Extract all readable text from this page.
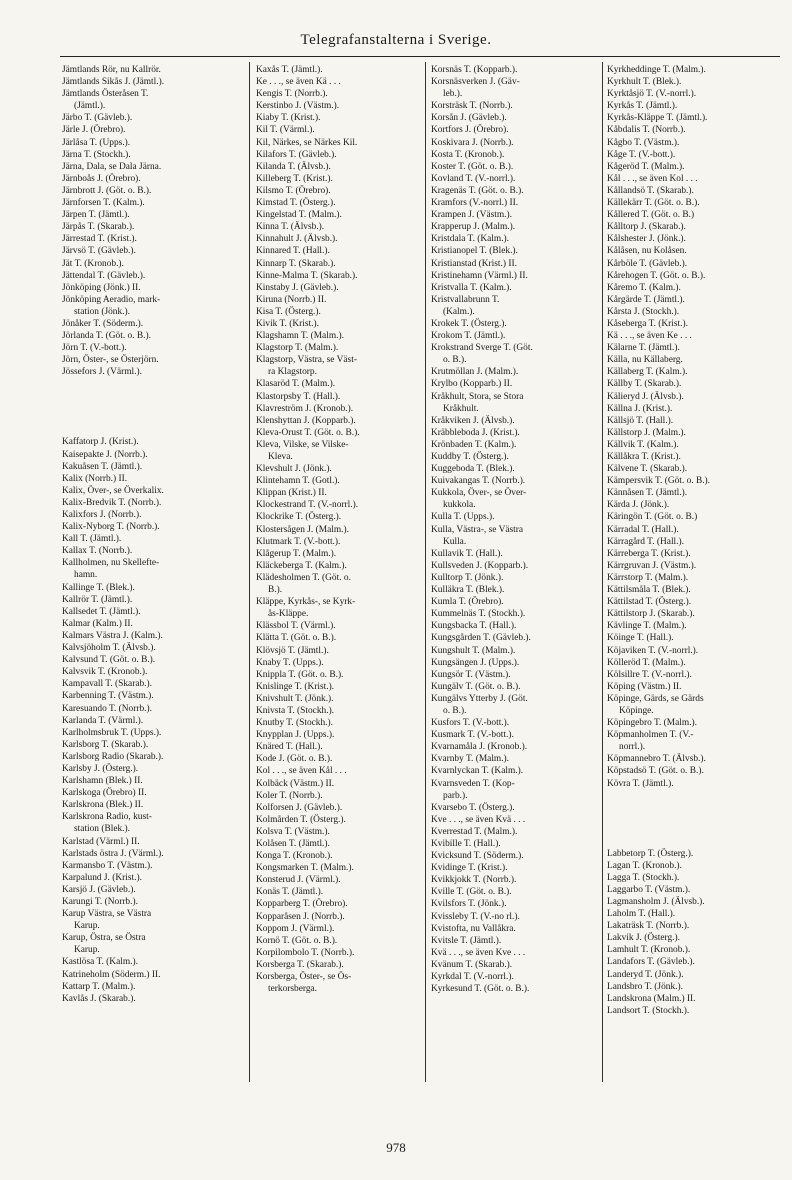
Telegrafanstalterna i Sverige.
Jämtlands Rör, nu Kallrör.
Jämtlands Sikås J. (Jämtl.).
Jämtlands Österåsen T.
(Jämtl.).
Järbo T. (Gävleb.).
Järle J. (Örebro).
Järlåsa T. (Upps.).
Järna T. (Stockh.).
Järna, Dala, se Dala Järna.
Järnboås J. (Örebro).
Järnbrott J. (Göt. o. B.).
Järnforsen T. (Kalm.).
Järpen T. (Jämtl.).
Järpås T. (Skarab.).
Järrestad T. (Krist.).
Järvsö T. (Gävleb.).
Jät T. (Kronob.).
Jättendal T. (Gävleb.).
Jönköping (Jönk.) II.
Jönköping Aeradio, mark-
station (Jönk.).
Jönåker T. (Söderm.).
Jörlanda T. (Göt. o. B.).
Jörn T. (V.-bott.).
Jörn, Öster-, se Österjörn.
Jössefors J. (Värml.).
Kaffatorp J. (Krist.).
Kaisepakte J. (Norrb.).
Kakuåsen T. (Jämtl.).
Kalix (Norrb.) II.
Kalix, Över-, se Överkalix.
Kalix-Bredvik T. (Norrb.).
Kalixfors J. (Norrb.).
Kalix-Nyborg T. (Norrb.).
Kall T. (Jämtl.).
Kallax T. (Norrb.).
Kallholmen, nu Skellefte-
hamn.
Kallinge T. (Blek.).
Kallrör T. (Jämtl.).
Kallsedet T. (Jämtl.).
Kalmar (Kalm.) II.
Kalmars Västra J. (Kalm.).
Kalvsjöholm T. (Älvsb.).
Kalvsund T. (Göt. o. B.).
Kalvsvik T. (Kronob.).
Kampavall T. (Skarab.).
Karbenning T. (Västm.).
Karesuando T. (Norrb.).
Karlanda T. (Värml.).
Karlholmsbruk T. (Upps.).
Karlsborg T. (Skarab.).
Karlsborg Radio (Skarab.).
Karlsby J. (Österg.).
Karlshamn (Blek.) II.
Karlskoga (Örebro) II.
Karlskrona (Blek.) II.
Karlskrona Radio, kust-
station (Blek.).
Karlstad (Värml.) II.
Karlstads östra J. (Värml.).
Karmansbo T. (Västm.).
Karpalund J. (Krist.).
Karsjö J. (Gävleb.).
Karungi T. (Norrb.).
Karup Västra, se Västra
Karup.
Karup, Östra, se Östra
Karup.
Kastlösa T. (Kalm.).
Katrineholm (Söderm.) II.
Kattarp T. (Malm.).
Kavlås J. (Skarab.).
Kaxås T. (Jämtl.).
Ke . . ., se även Kä . . .
Kengis T. (Norrb.).
Kerstinbo J. (Västm.).
Kiaby T. (Krist.).
Kil T. (Värml.).
Kil, Närkes, se Närkes Kil.
Kilafors T. (Gävleb.).
Kilanda T. (Älvsb.).
Killeberg T. (Krist.).
Kilsmo T. (Örebro).
Kimstad T. (Österg.).
Kingelstad T. (Malm.).
Kinna T. (Älvsb.).
Kinnahult J. (Älvsb.).
Kinnared T. (Hall.).
Kinnarp T. (Skarab.).
Kinne-Malma T. (Skarab.).
Kinstaby J. (Gävleb.).
Kiruna (Norrb.) II.
Kisa T. (Österg.).
Kivik T. (Krist.).
Klagshamn T. (Malm.).
Klagstorp T. (Malm.).
Klagstorp, Västra, se Väst-
ra Klagstorp.
Klasaröd T. (Malm.).
Klastorpsby T. (Hall.).
Klavreström J. (Kronob.).
Klenshyttan J. (Kopparb.).
Kleva-Orust T. (Göt. o. B.).
Kleva, Vilske, se Vilske-
Kleva.
Klevshult J. (Jönk.).
Klintehamn T. (Gotl.).
Klippan (Krist.) II.
Klockestrand T. (V.-norrl.).
Klockrike T. (Österg.).
Klostersågen J. (Malm.).
Klutmark T. (V.-bott.).
Klågerup T. (Malm.).
Kläckeberga T. (Kalm.).
Klädesholmen T. (Göt. o.
B.).
Kläppe, Kyrkås-, se Kyrk-
ås-Kläppe.
Klässbol T. (Värml.).
Klätta T. (Göt. o. B.).
Klövsjö T. (Jämtl.).
Knaby T. (Upps.).
Knippla T. (Göt. o. B.).
Knislinge T. (Krist.).
Knivshult T. (Jönk.).
Knivsta T. (Stockh.).
Knutby T. (Stockh.).
Knypplan J. (Upps.).
Knäred T. (Hall.).
Kode J. (Göt. o. B.).
Kol . . ., se även Kål . . .
Kolbäck (Västm.) II.
Koler T. (Norrb.).
Kolforsen J. (Gävleb.).
Kolmården T. (Österg.).
Kolsva T. (Västm.).
Kolåsen T. (Jämtl.).
Konga T. (Kronob.).
Kongsmarken T. (Malm.).
Konsterud J. (Värml.).
Konäs T. (Jämtl.).
Kopparberg T. (Örebro).
Kopparåsen J. (Norrb.).
Koppom J. (Värml.).
Kornö T. (Göt. o. B.).
Korpilombolo T. (Norrb.).
Korsberga T. (Skarab.).
Korsberga, Öster-, se Ös-
terkorsberga.
Korsnäs T. (Kopparb.).
Korsnäsverken J. (Gäv-
leb.).
Korsträsk T. (Norrb.).
Korsån J. (Gävleb.).
Kortfors J. (Örebro).
Koskivara J. (Norrb.).
Kosta T. (Kronob.).
Koster T. (Göt. o. B.).
Kovland T. (V.-norrl.).
Kragenäs T. (Göt. o. B.).
Kramfors (V.-norrl.) II.
Krampen J. (Västm.).
Krapperup J. (Malm.).
Kristdala T. (Kalm.).
Kristianopel T. (Blek.).
Kristianstad (Krist.) II.
Kristinehamn (Värml.) II.
Kristvalla T. (Kalm.).
Kristvallabrunn T.
(Kalm.).
Krokek T. (Österg.).
Krokom T. (Jämtl.).
Krokstrand Sverge T. (Göt.
o. B.).
Krutmöllan J. (Malm.).
Krylbo (Kopparb.) II.
Kråkhult, Stora, se Stora
Kråkhult.
Kråkviken J. (Älvsb.).
Kräbbleboda J. (Krist.).
Krönbaden T. (Kalm.).
Kuddby T. (Österg.).
Kuggeboda T. (Blek.).
Kuivakangas T. (Norrb.).
Kukkola, Över-, se Över-
kukkola.
Kulla T. (Upps.).
Kulla, Västra-, se Västra
Kulla.
Kullavik T. (Hall.).
Kullsveden J. (Kopparb.).
Kulltorp T. (Jönk.).
Kulläkra T. (Blek.).
Kumla T. (Örebro).
Kummelnäs T. (Stockh.).
Kungsbacka T. (Hall.).
Kungsgården T. (Gävleb.).
Kungshult T. (Malm.).
Kungsängen J. (Upps.).
Kungsör T. (Västm.).
Kungälv T. (Göt. o. B.).
Kungälvs Ytterby J. (Göt.
o. B.).
Kusfors T. (V.-bott.).
Kusmark T. (V.-bott.).
Kvarnamåla J. (Kronob.).
Kvarnby T. (Malm.).
Kvarnlyckan T. (Kalm.).
Kvarnsveden T. (Kop-
parb.).
Kvarsebo T. (Österg.).
Kve . . ., se även Kvä . . .
Kverrestad T. (Malm.).
Kvibille T. (Hall.).
Kvicksund T. (Söderm.).
Kvidinge T. (Krist.).
Kvikkjokk T. (Norrb.).
Kville T. (Göt. o. B.).
Kvilsfors T. (Jönk.).
Kvissleby T. (V.-no rl.).
Kvistofta, nu Vallåkra.
Kvitsle T. (Jämtl.).
Kvä . . ., se även Kve . . .
Kvänum T. (Skarab.).
Kyrkdal T. (V.-norrl.).
Kyrkesund T. (Göt. o. B.).
Kyrkheddinge T. (Malm.).
Kyrkhult T. (Blek.).
Kyrktåsjö T. (V.-norrl.).
Kyrkås T. (Jämtl.).
Kyrkås-Kläppe T. (Jämtl.).
Kåbdalis T. (Norrb.).
Kågbo T. (Västm.).
Kåge T. (V.-bott.).
Kågeröd T. (Malm.).
Kål . . ., se även Kol . . .
Kållandsö T. (Skarab.).
Källekärr T. (Göt. o. B.).
Kållered T. (Göt. o. B.)
Kålltorp J. (Skarab.).
Kålshester J. (Jönk.).
Kålåsen, nu Kolåsen.
Kårböle T. (Gävleb.).
Kårehogen T. (Göt. o. B.).
Kåremo T. (Kalm.).
Kårgärde T. (Jämtl.).
Kårsta J. (Stockh.).
Kåseberga T. (Krist.).
Kä . . ., se även Ke . . .
Kälarne T. (Jämtl.).
Källa, nu Källaberg.
Källaberg T. (Kalm.).
Källby T. (Skarab.).
Kälieryd J. (Älvsb.).
Källna J. (Krist.).
Källsjö T. (Hall.).
Källstorp J. (Malm.).
Källvik T. (Kalm.).
Källåkra T. (Krist.).
Kälvene T. (Skarab.).
Kämpersvik T. (Göt. o. B.).
Kännåsen T. (Jämtl.).
Kärda J. (Jönk.).
Käringön T. (Göt. o. B.)
Kärradal T. (Hall.).
Kärragård T. (Hall.).
Kärreberga T. (Krist.).
Kärrgruvan J. (Västm.).
Kärrstorp T. (Malm.).
Kättilsmåla T. (Blek.).
Kättilstad T. (Österg.).
Kättilstorp J. (Skarab.).
Kävlinge T. (Malm.).
Köinge T. (Hall.).
Köjaviken T. (V.-norrl.).
Kölleröd T. (Malm.).
Kölsillre T. (V.-norrl.).
Köping (Västm.) II.
Köpinge, Gärds, se Gärds
Köpinge.
Köpingebro T. (Malm.).
Köpmanholmen T. (V.-
norrl.).
Köpmannebro T. (Älvsb.).
Köpstadsö T. (Göt. o. B.).
Kövra T. (Jämtl.).
Labbetorp T. (Österg.).
Lagan T. (Kronob.).
Lagga T. (Stockh.).
Laggarbo T. (Västm.).
Lagmansholm J. (Älvsb.).
Laholm T. (Hall.).
Lakaträsk T. (Norrb.).
Lakvik J. (Österg.).
Lamhult T. (Kronob.).
Landafors T. (Gävleb.).
Landeryd T. (Jönk.).
Landsbro T. (Jönk.).
Landskrona (Malm.) II.
Landsort T. (Stockh.).
978
